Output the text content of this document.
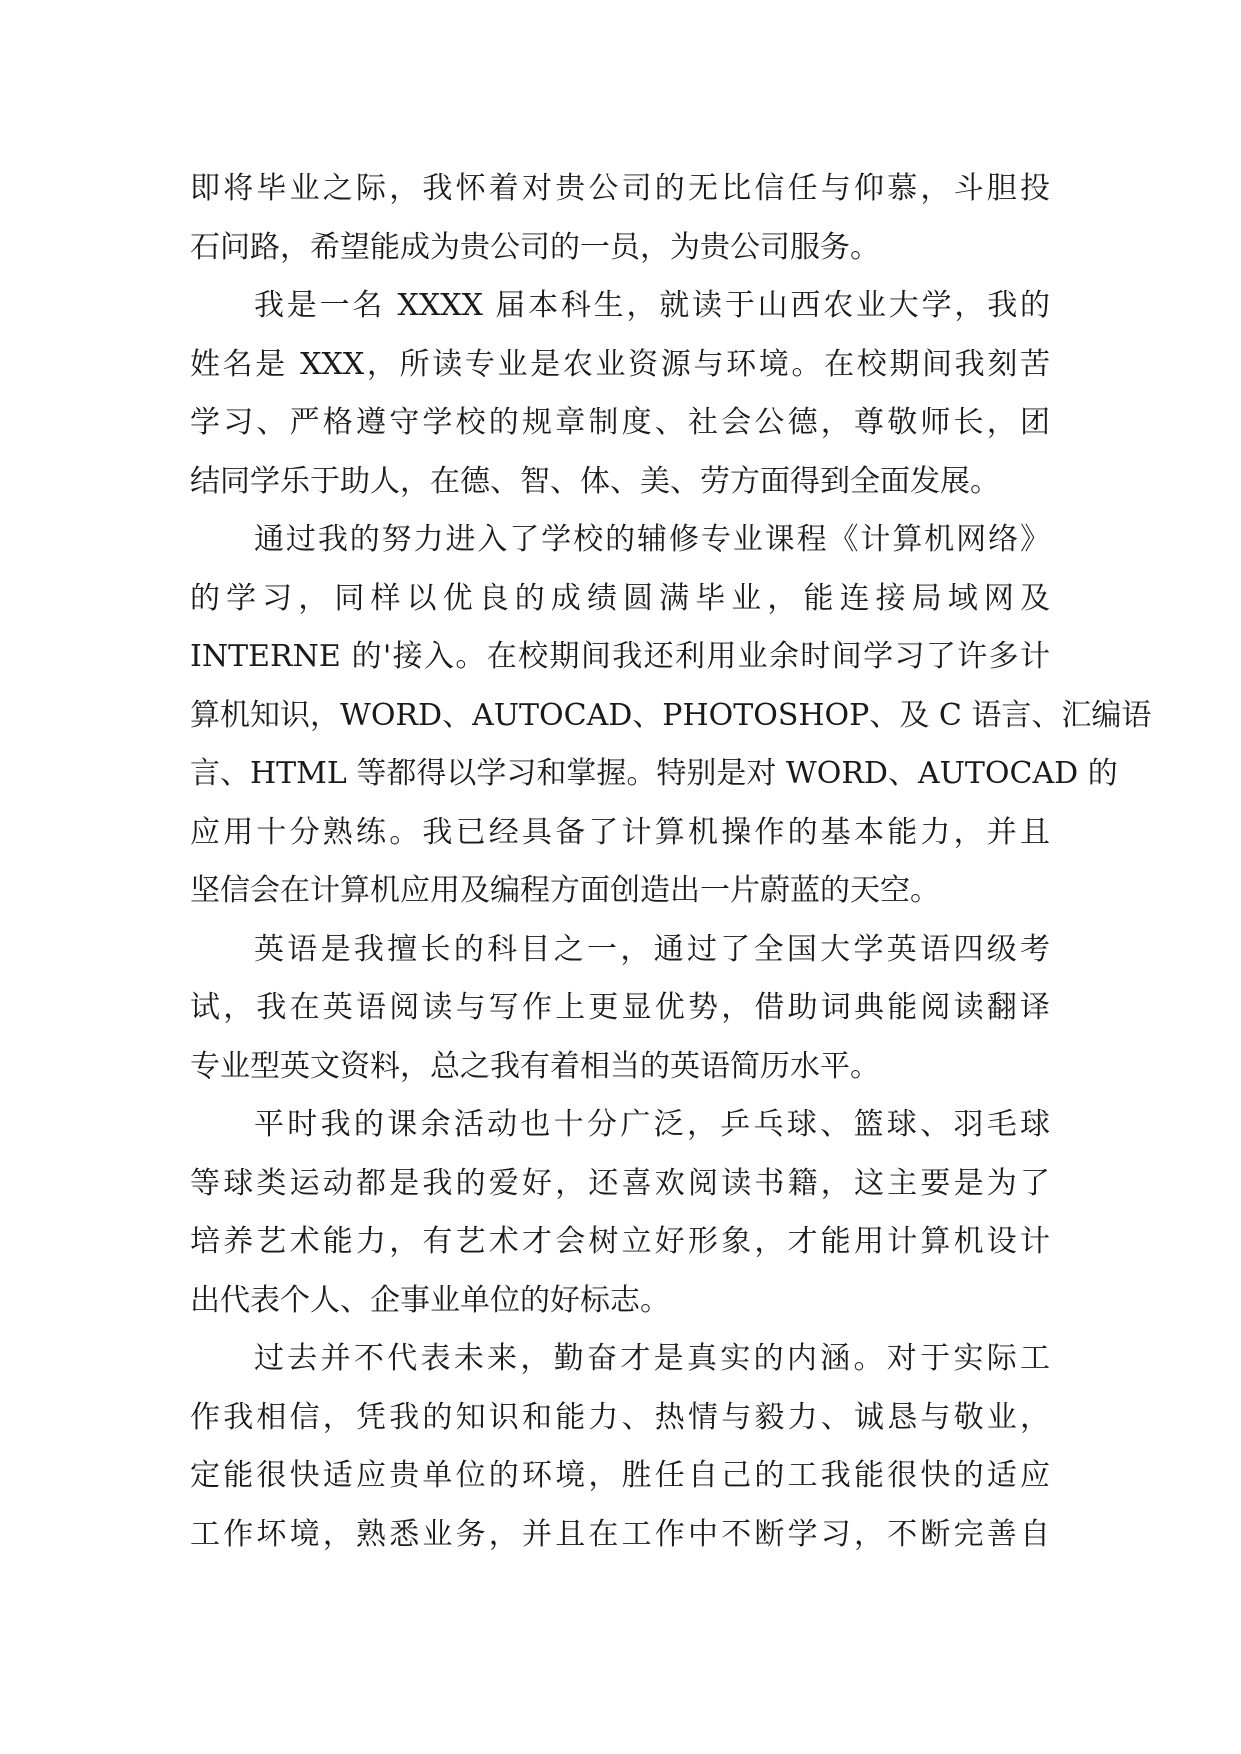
即将毕业之际，我怀着对贵公司的无比信任与仰慕，斗胆投
石问路，希望能成为贵公司的一员，为贵公司服务。
我是一名 XXXX 届本科生，就读于山西农业大学，我的
姓名是 XXX，所读专业是农业资源与环境。在校期间我刻苦
学习、严格遵守学校的规章制度、社会公德，尊敬师长，团
结同学乐于助人，在德、智、体、美、劳方面得到全面发展。
通过我的努力进入了学校的辅修专业课程《计算机网络》
的学习，同样以优良的成绩圆满毕业，能连接局域网及
INTERNE 的'接入。在校期间我还利用业余时间学习了许多计
算机知识，WORD、AUTOCAD、PHOTOSHOP、及 C 语言、汇编语
言、HTML 等都得以学习和掌握。特别是对 WORD、AUTOCAD 的
应用十分熟练。我已经具备了计算机操作的基本能力，并且
坚信会在计算机应用及编程方面创造出一片蔚蓝的天空。
英语是我擅长的科目之一，通过了全国大学英语四级考
试，我在英语阅读与写作上更显优势，借助词典能阅读翻译
专业型英文资料，总之我有着相当的英语简历水平。
平时我的课余活动也十分广泛，乒乓球、篮球、羽毛球
等球类运动都是我的爱好，还喜欢阅读书籍，这主要是为了
培养艺术能力，有艺术才会树立好形象，才能用计算机设计
出代表个人、企事业单位的好标志。
过去并不代表未来，勤奋才是真实的内涵。对于实际工
作我相信，凭我的知识和能力、热情与毅力、诚恳与敬业，
定能很快适应贵单位的环境，胜任自己的工我能很快的适应
工作坏境，熟悉业务，并且在工作中不断学习，不断完善自
